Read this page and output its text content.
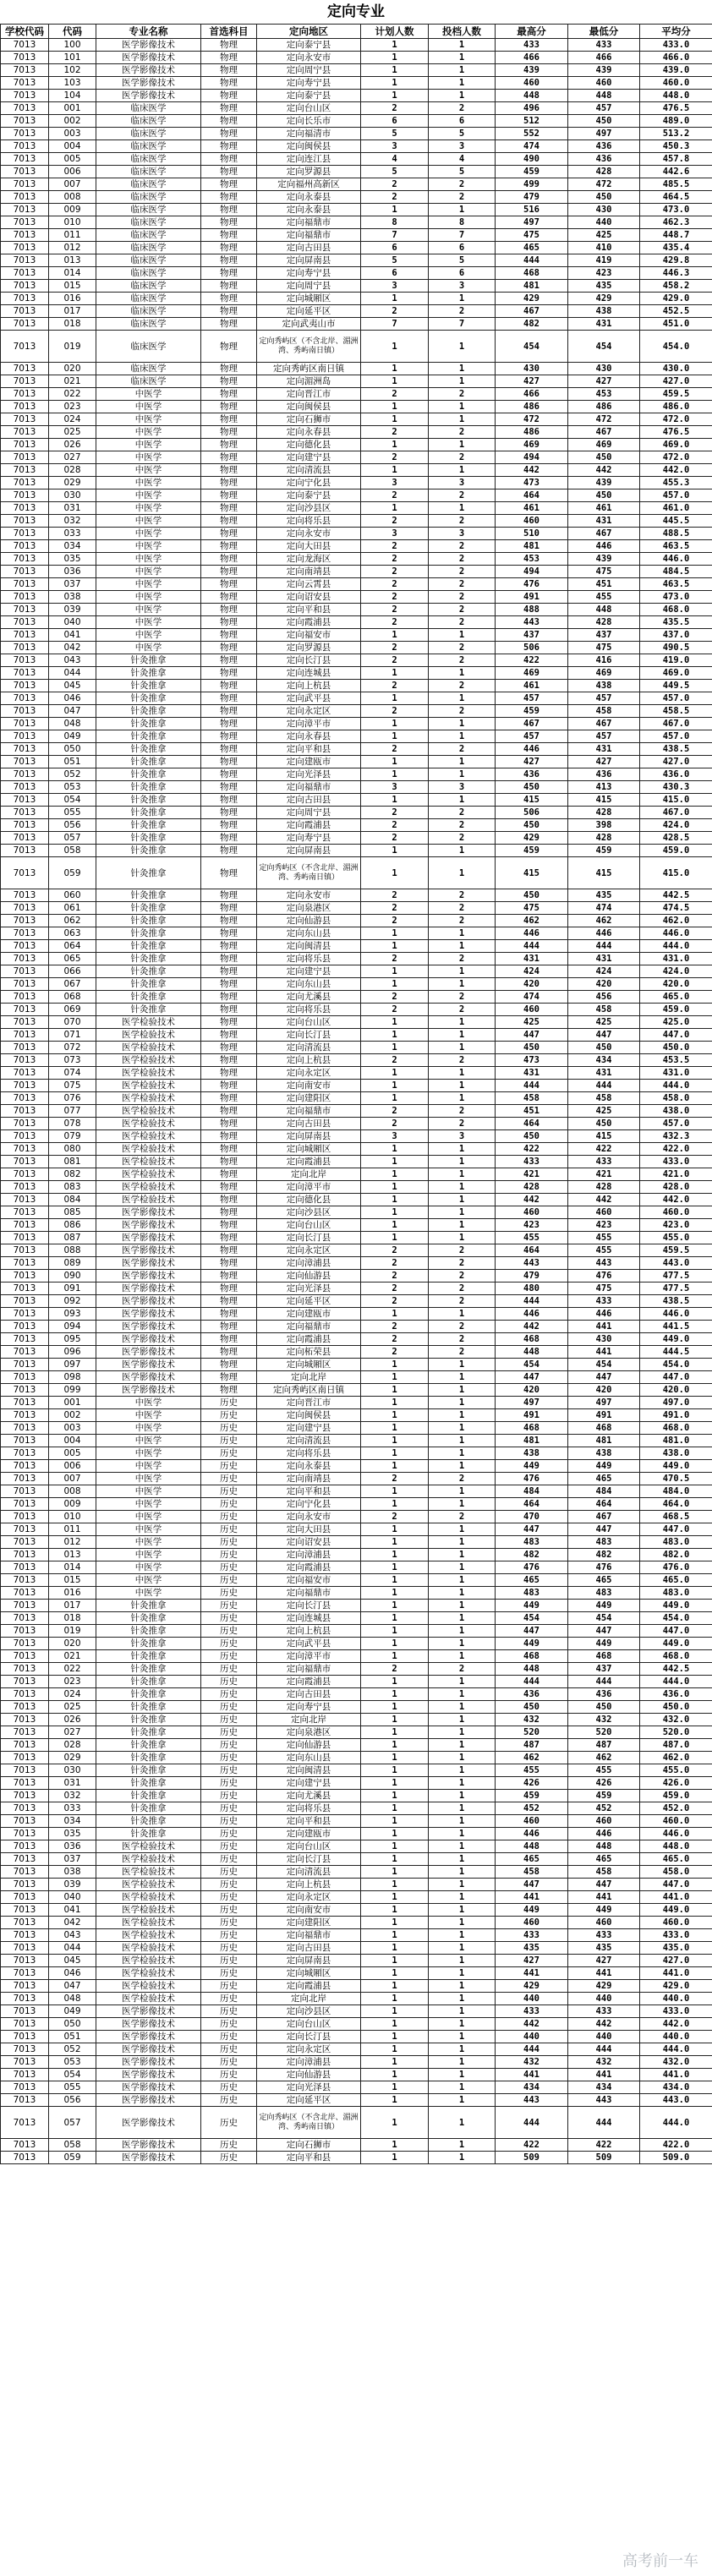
定向专业
学校代码	代码	专业名称	首选科目	定向地区	计划人数	投档人数	最高分	最低分	平均分
7013	100	医学影像技术	物理	定向泰宁县	1	1	433	433	433.0
7013	101	医学影像技术	物理	定向永安市	1	1	466	466	466.0
7013	102	医学影像技术	物理	定向周宁县	1	1	439	439	439.0
7013	103	医学影像技术	物理	定向寿宁县	1	1	460	460	460.0
7013	104	医学影像技术	物理	定向泰宁县	1	1	448	448	448.0
7013	001	临床医学	物理	定向台山区	2	2	496	457	476.5
7013	002	临床医学	物理	定向长乐市	6	6	512	450	489.0
7013	003	临床医学	物理	定向福清市	5	5	552	497	513.2
7013	004	临床医学	物理	定向闽侯县	3	3	474	436	450.3
7013	005	临床医学	物理	定向连江县	4	4	490	436	457.8
7013	006	临床医学	物理	定向罗源县	5	5	459	428	442.6
7013	007	临床医学	物理	定向福州高新区	2	2	499	472	485.5
7013	008	临床医学	物理	定向永泰县	2	2	479	450	464.5
7013	009	临床医学	物理	定向永泰县	1	1	516	430	473.0
7013	010	临床医学	物理	定向福鼎市	8	8	497	440	462.3
7013	011	临床医学	物理	定向福鼎市	7	7	475	425	448.7
7013	012	临床医学	物理	定向古田县	6	6	465	410	435.4
7013	013	临床医学	物理	定向屏南县	5	5	444	419	429.8
7013	014	临床医学	物理	定向寿宁县	6	6	468	423	446.3
7013	015	临床医学	物理	定向周宁县	3	3	481	435	458.2
7013	016	临床医学	物理	定向城厢区	1	1	429	429	429.0
7013	017	临床医学	物理	定向延平区	2	2	467	438	452.5
7013	018	临床医学	物理	定向武夷山市	7	7	482	431	451.0
7013	019	临床医学	物理	定向秀屿区（不含北岸、湄洲湾、秀屿南日镇）	1	1	454	454	454.0
7013	020	临床医学	物理	定向秀屿区南日镇	1	1	430	430	430.0
7013	021	临床医学	物理	定向湄洲岛	1	1	427	427	427.0
7013	022	中医学	物理	定向晋江市	2	2	466	453	459.5
7013	023	中医学	物理	定向闽侯县	1	1	486	486	486.0
7013	024	中医学	物理	定向石狮市	1	1	472	472	472.0
7013	025	中医学	物理	定向永春县	2	2	486	467	476.5
7013	026	中医学	物理	定向德化县	1	1	469	469	469.0
7013	027	中医学	物理	定向建宁县	2	2	494	450	472.0
7013	028	中医学	物理	定向清流县	1	1	442	442	442.0
7013	029	中医学	物理	定向宁化县	3	3	473	439	455.3
7013	030	中医学	物理	定向泰宁县	2	2	464	450	457.0
7013	031	中医学	物理	定向沙县区	1	1	461	461	461.0
7013	032	中医学	物理	定向将乐县	2	2	460	431	445.5
7013	033	中医学	物理	定向永安市	3	3	510	467	488.5
7013	034	中医学	物理	定向大田县	2	2	481	446	463.5
7013	035	中医学	物理	定向龙海区	2	2	453	439	446.0
7013	036	中医学	物理	定向南靖县	2	2	494	475	484.5
7013	037	中医学	物理	定向云霄县	2	2	476	451	463.5
7013	038	中医学	物理	定向诏安县	2	2	491	455	473.0
7013	039	中医学	物理	定向平和县	2	2	488	448	468.0
7013	040	中医学	物理	定向霞浦县	2	2	443	428	435.5
7013	041	中医学	物理	定向福安市	1	1	437	437	437.0
7013	042	中医学	物理	定向罗源县	2	2	506	475	490.5
7013	043	针灸推拿	物理	定向长汀县	2	2	422	416	419.0
7013	044	针灸推拿	物理	定向连城县	1	1	469	469	469.0
7013	045	针灸推拿	物理	定向上杭县	2	2	461	438	449.5
7013	046	针灸推拿	物理	定向武平县	1	1	457	457	457.0
7013	047	针灸推拿	物理	定向永定区	2	2	459	458	458.5
7013	048	针灸推拿	物理	定向漳平市	1	1	467	467	467.0
7013	049	针灸推拿	物理	定向永春县	1	1	457	457	457.0
7013	050	针灸推拿	物理	定向平和县	2	2	446	431	438.5
7013	051	针灸推拿	物理	定向建瓯市	1	1	427	427	427.0
7013	052	针灸推拿	物理	定向光泽县	1	1	436	436	436.0
7013	053	针灸推拿	物理	定向福鼎市	3	3	450	413	430.3
7013	054	针灸推拿	物理	定向古田县	1	1	415	415	415.0
7013	055	针灸推拿	物理	定向周宁县	2	2	506	428	467.0
7013	056	针灸推拿	物理	定向霞浦县	2	2	450	398	424.0
7013	057	针灸推拿	物理	定向寿宁县	2	2	429	428	428.5
7013	058	针灸推拿	物理	定向屏南县	1	1	459	459	459.0
7013	059	针灸推拿	物理	定向秀屿区（不含北岸、湄洲湾、秀屿南日镇）	1	1	415	415	415.0
7013	060	针灸推拿	物理	定向永安市	2	2	450	435	442.5
7013	061	针灸推拿	物理	定向泉港区	2	2	475	474	474.5
7013	062	针灸推拿	物理	定向仙游县	2	2	462	462	462.0
7013	063	针灸推拿	物理	定向东山县	1	1	446	446	446.0
7013	064	针灸推拿	物理	定向闽清县	1	1	444	444	444.0
7013	065	针灸推拿	物理	定向将乐县	2	2	431	431	431.0
7013	066	针灸推拿	物理	定向建宁县	1	1	424	424	424.0
7013	067	针灸推拿	物理	定向东山县	1	1	420	420	420.0
7013	068	针灸推拿	物理	定向尤溪县	2	2	474	456	465.0
7013	069	针灸推拿	物理	定向将乐县	2	2	460	458	459.0
7013	070	医学检验技术	物理	定向台山区	1	1	425	425	425.0
7013	071	医学检验技术	物理	定向长汀县	1	1	447	447	447.0
7013	072	医学检验技术	物理	定向清流县	1	1	450	450	450.0
7013	073	医学检验技术	物理	定向上杭县	2	2	473	434	453.5
7013	074	医学检验技术	物理	定向永定区	1	1	431	431	431.0
7013	075	医学检验技术	物理	定向南安市	1	1	444	444	444.0
7013	076	医学检验技术	物理	定向建阳区	1	1	458	458	458.0
7013	077	医学检验技术	物理	定向福鼎市	2	2	451	425	438.0
7013	078	医学检验技术	物理	定向古田县	2	2	464	450	457.0
7013	079	医学检验技术	物理	定向屏南县	3	3	450	415	432.3
7013	080	医学检验技术	物理	定向城厢区	1	1	422	422	422.0
7013	081	医学检验技术	物理	定向霞浦县	1	1	433	433	433.0
7013	082	医学检验技术	物理	定向北岸	1	1	421	421	421.0
7013	083	医学检验技术	物理	定向漳平市	1	1	428	428	428.0
7013	084	医学检验技术	物理	定向德化县	1	1	442	442	442.0
7013	085	医学影像技术	物理	定向沙县区	1	1	460	460	460.0
7013	086	医学影像技术	物理	定向台山区	1	1	423	423	423.0
7013	087	医学影像技术	物理	定向长汀县	1	1	455	455	455.0
7013	088	医学影像技术	物理	定向永定区	2	2	464	455	459.5
7013	089	医学影像技术	物理	定向漳浦县	2	2	443	443	443.0
7013	090	医学影像技术	物理	定向仙游县	2	2	479	476	477.5
7013	091	医学影像技术	物理	定向光泽县	2	2	480	475	477.5
7013	092	医学影像技术	物理	定向延平区	2	2	444	433	438.5
7013	093	医学影像技术	物理	定向建瓯市	1	1	446	446	446.0
7013	094	医学影像技术	物理	定向福鼎市	2	2	442	441	441.5
7013	095	医学影像技术	物理	定向霞浦县	2	2	468	430	449.0
7013	096	医学影像技术	物理	定向柘荣县	2	2	448	441	444.5
7013	097	医学影像技术	物理	定向城厢区	1	1	454	454	454.0
7013	098	医学影像技术	物理	定向北岸	1	1	447	447	447.0
7013	099	医学影像技术	物理	定向秀屿区南日镇	1	1	420	420	420.0
7013	001	中医学	历史	定向晋江市	1	1	497	497	497.0
7013	002	中医学	历史	定向闽侯县	1	1	491	491	491.0
7013	003	中医学	历史	定向建宁县	1	1	468	468	468.0
7013	004	中医学	历史	定向清流县	1	1	481	481	481.0
7013	005	中医学	历史	定向将乐县	1	1	438	438	438.0
7013	006	中医学	历史	定向永泰县	1	1	449	449	449.0
7013	007	中医学	历史	定向南靖县	2	2	476	465	470.5
7013	008	中医学	历史	定向平和县	1	1	484	484	484.0
7013	009	中医学	历史	定向宁化县	1	1	464	464	464.0
7013	010	中医学	历史	定向永安市	2	2	470	467	468.5
7013	011	中医学	历史	定向大田县	1	1	447	447	447.0
7013	012	中医学	历史	定向诏安县	1	1	483	483	483.0
7013	013	中医学	历史	定向漳浦县	1	1	482	482	482.0
7013	014	中医学	历史	定向霞浦县	1	1	476	476	476.0
7013	015	中医学	历史	定向福安市	1	1	465	465	465.0
7013	016	中医学	历史	定向福鼎市	1	1	483	483	483.0
7013	017	针灸推拿	历史	定向长汀县	1	1	449	449	449.0
7013	018	针灸推拿	历史	定向连城县	1	1	454	454	454.0
7013	019	针灸推拿	历史	定向上杭县	1	1	447	447	447.0
7013	020	针灸推拿	历史	定向武平县	1	1	449	449	449.0
7013	021	针灸推拿	历史	定向漳平市	1	1	468	468	468.0
7013	022	针灸推拿	历史	定向福鼎市	2	2	448	437	442.5
7013	023	针灸推拿	历史	定向霞浦县	1	1	444	444	444.0
7013	024	针灸推拿	历史	定向古田县	1	1	436	436	436.0
7013	025	针灸推拿	历史	定向寿宁县	1	1	450	450	450.0
7013	026	针灸推拿	历史	定向北岸	1	1	432	432	432.0
7013	027	针灸推拿	历史	定向泉港区	1	1	520	520	520.0
7013	028	针灸推拿	历史	定向仙游县	1	1	487	487	487.0
7013	029	针灸推拿	历史	定向东山县	1	1	462	462	462.0
7013	030	针灸推拿	历史	定向闽清县	1	1	455	455	455.0
7013	031	针灸推拿	历史	定向建宁县	1	1	426	426	426.0
7013	032	针灸推拿	历史	定向尤溪县	1	1	459	459	459.0
7013	033	针灸推拿	历史	定向将乐县	1	1	452	452	452.0
7013	034	针灸推拿	历史	定向平和县	1	1	460	460	460.0
7013	035	针灸推拿	历史	定向建瓯市	1	1	446	446	446.0
7013	036	医学检验技术	历史	定向台山区	1	1	448	448	448.0
7013	037	医学检验技术	历史	定向长汀县	1	1	465	465	465.0
7013	038	医学检验技术	历史	定向清流县	1	1	458	458	458.0
7013	039	医学检验技术	历史	定向上杭县	1	1	447	447	447.0
7013	040	医学检验技术	历史	定向永定区	1	1	441	441	441.0
7013	041	医学检验技术	历史	定向南安市	1	1	449	449	449.0
7013	042	医学检验技术	历史	定向建阳区	1	1	460	460	460.0
7013	043	医学检验技术	历史	定向福鼎市	1	1	433	433	433.0
7013	044	医学检验技术	历史	定向古田县	1	1	435	435	435.0
7013	045	医学检验技术	历史	定向屏南县	1	1	427	427	427.0
7013	046	医学检验技术	历史	定向城厢区	1	1	441	441	441.0
7013	047	医学检验技术	历史	定向霞浦县	1	1	429	429	429.0
7013	048	医学检验技术	历史	定向北岸	1	1	440	440	440.0
7013	049	医学影像技术	历史	定向沙县区	1	1	433	433	433.0
7013	050	医学影像技术	历史	定向台山区	1	1	442	442	442.0
7013	051	医学影像技术	历史	定向长汀县	1	1	440	440	440.0
7013	052	医学影像技术	历史	定向永定区	1	1	444	444	444.0
7013	053	医学影像技术	历史	定向漳浦县	1	1	432	432	432.0
7013	054	医学影像技术	历史	定向仙游县	1	1	441	441	441.0
7013	055	医学影像技术	历史	定向光泽县	1	1	434	434	434.0
7013	056	医学影像技术	历史	定向延平区	1	1	443	443	443.0
7013	057	医学影像技术	历史	定向秀屿区（不含北岸、湄洲湾、秀屿南日镇）	1	1	444	444	444.0
7013	058	医学影像技术	历史	定向石狮市	1	1	422	422	422.0
7013	059	医学影像技术	历史	定向平和县	1	1	509	509	509.0
高考前一车
